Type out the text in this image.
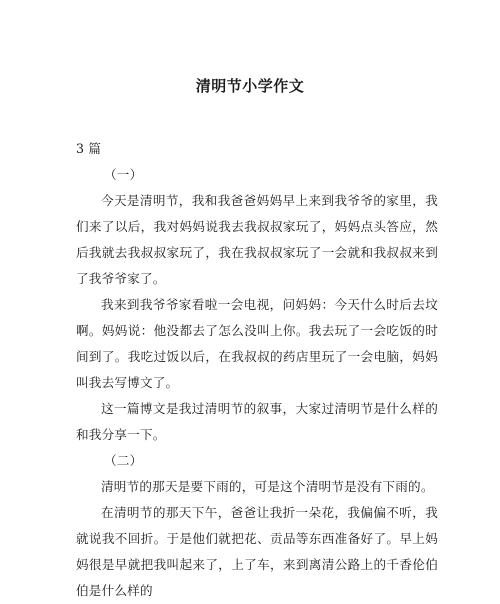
清明节小学作文

3 篇

（一）

今天是清明节，我和我爸爸妈妈早上来到我爷爷的家里，我们来了以后，我对妈妈说我去我叔叔家玩了，妈妈点头答应，然后我就去我叔叔家玩了，我在我叔叔家玩了一会就和我叔叔来到了我爷爷家了。

我来到我爷爷家看啦一会电视，问妈妈：今天什么时后去坟啊。妈妈说：他没都去了怎么没叫上你。我去玩了一会吃饭的时间到了。我吃过饭以后，在我叔叔的药店里玩了一会电脑，妈妈叫我去写博文了。

这一篇博文是我过清明节的叙事，大家过清明节是什么样的和我分享一下。

（二）

清明节的那天是要下雨的，可是这个清明节是没有下雨的。

在清明节的那天下午，爸爸让我折一朵花，我偏偏不听，我就说我不回折。于是他们就把花、贡品等东西准备好了。早上妈妈很是早就把我叫起来了，上了车，来到离清公路上的千香伦伯伯是什么样的
